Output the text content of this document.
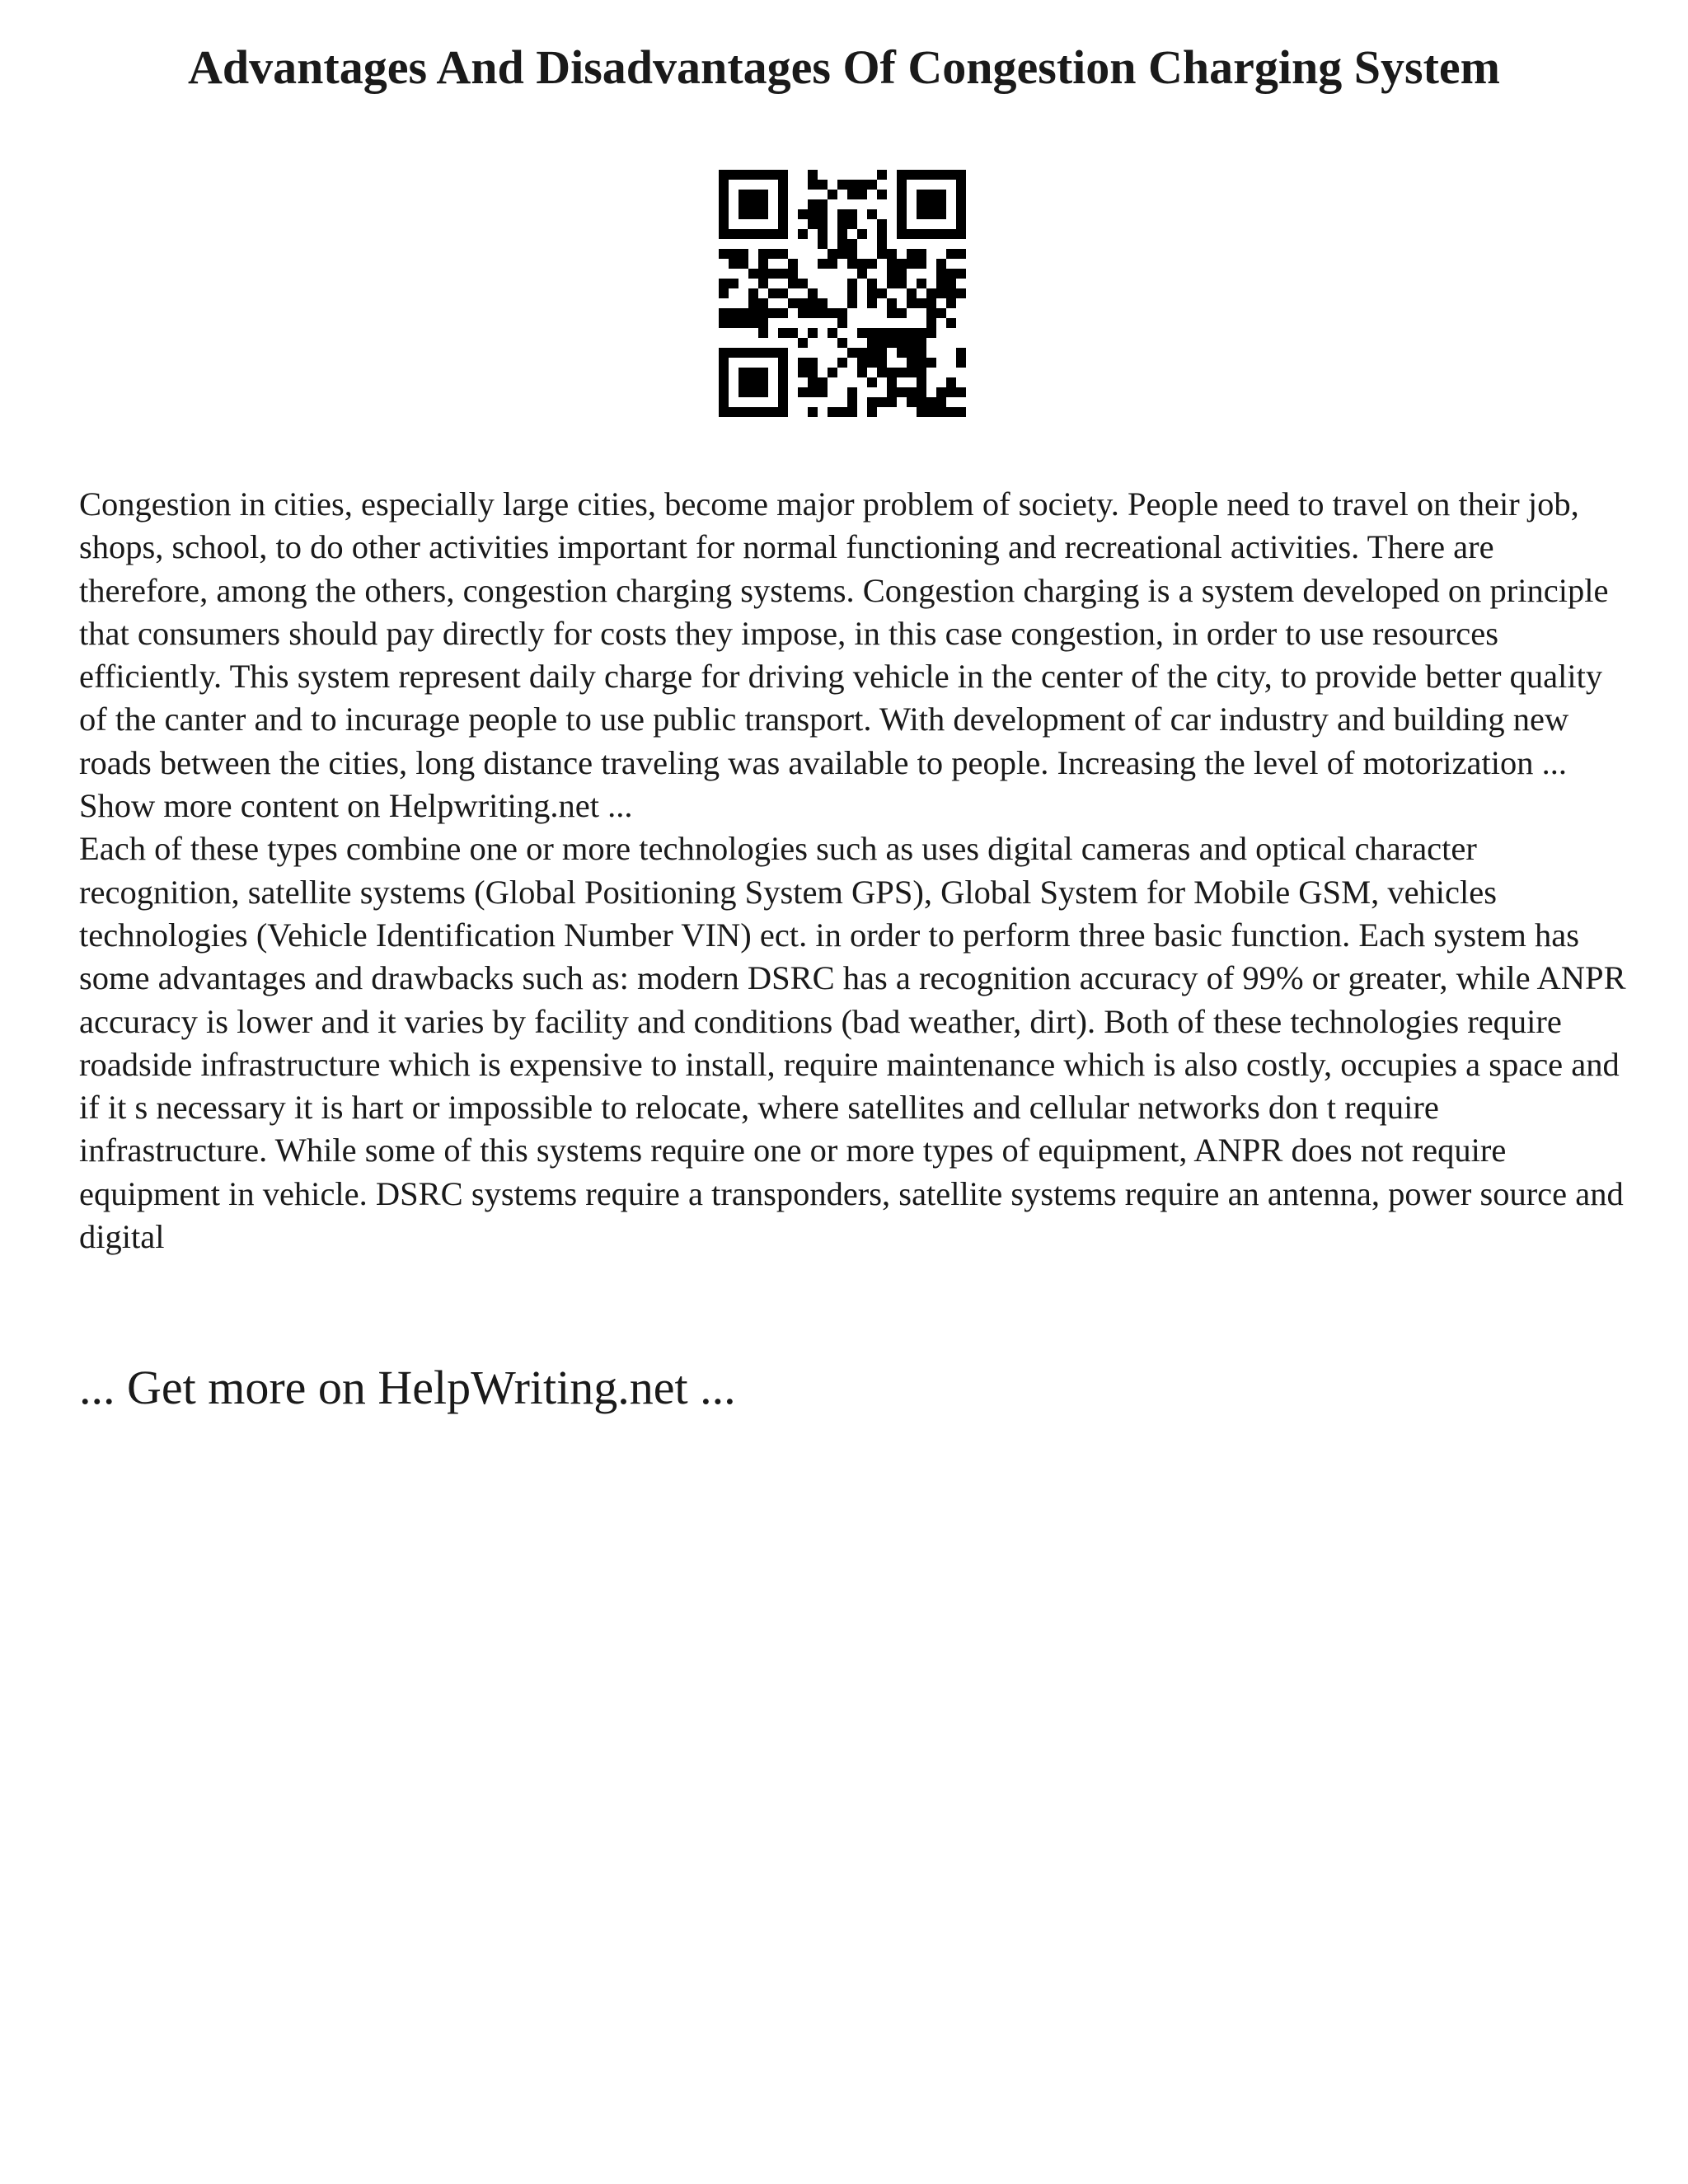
Advantages And Disadvantages Of Congestion Charging System

Congestion in cities, especially large cities, become major problem of society. People need to travel on their job, shops, school, to do other activities important for normal functioning and recreational activities. There are therefore, among the others, congestion charging systems. Congestion charging is a system developed on principle that consumers should pay directly for costs they impose, in this case congestion, in order to use resources efficiently. This system represent daily charge for driving vehicle in the center of the city, to provide better quality of the canter and to incurage people to use public transport. With development of car industry and building new roads between the cities, long distance traveling was available to people. Increasing the level of motorization ... Show more content on Helpwriting.net ...

Each of these types combine one or more technologies such as uses digital cameras and optical character recognition, satellite systems (Global Positioning System GPS), Global System for Mobile GSM, vehicles technologies (Vehicle Identification Number VIN) ect. in order to perform three basic function. Each system has some advantages and drawbacks such as: modern DSRC has a recognition accuracy of 99% or greater, while ANPR accuracy is lower and it varies by facility and conditions (bad weather, dirt). Both of these technologies require roadside infrastructure which is expensive to install, require maintenance which is also costly, occupies a space and if it s necessary it is hart or impossible to relocate, where satellites and cellular networks don t require infrastructure. While some of this systems require one or more types of equipment, ANPR does not require equipment in vehicle. DSRC systems require a transponders, satellite systems require an antenna, power source and digital

... Get more on HelpWriting.net ...
